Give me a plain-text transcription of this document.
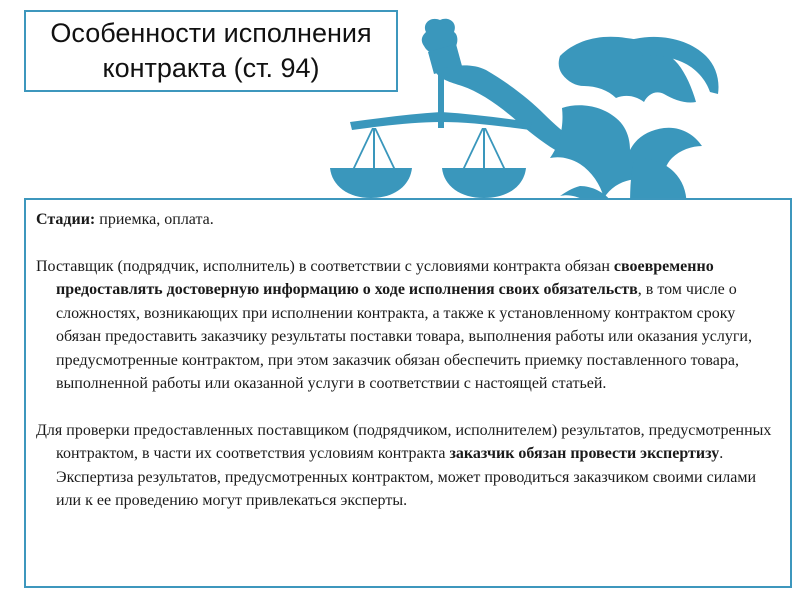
Особенности исполнения
контракта (ст. 94)

Стадии: приемка, оплата.

Поставщик (подрядчик, исполнитель) в соответствии с условиями контракта обязан своевременно предоставлять достоверную информацию о ходе исполнения своих обязательств, в том числе о сложностях, возникающих при исполнении контракта, а также к установленному контрактом сроку обязан предоставить заказчику результаты поставки товара, выполнения работы или оказания услуги, предусмотренные контрактом, при этом заказчик обязан обеспечить приемку поставленного товара, выполненной работы или оказанной услуги в соответствии с настоящей статьей.

Для проверки предоставленных поставщиком (подрядчиком, исполнителем) результатов, предусмотренных контрактом, в части их соответствия условиям контракта заказчик обязан провести экспертизу. Экспертиза результатов, предусмотренных контрактом, может проводиться заказчиком своими силами или к ее проведению могут привлекаться эксперты.
